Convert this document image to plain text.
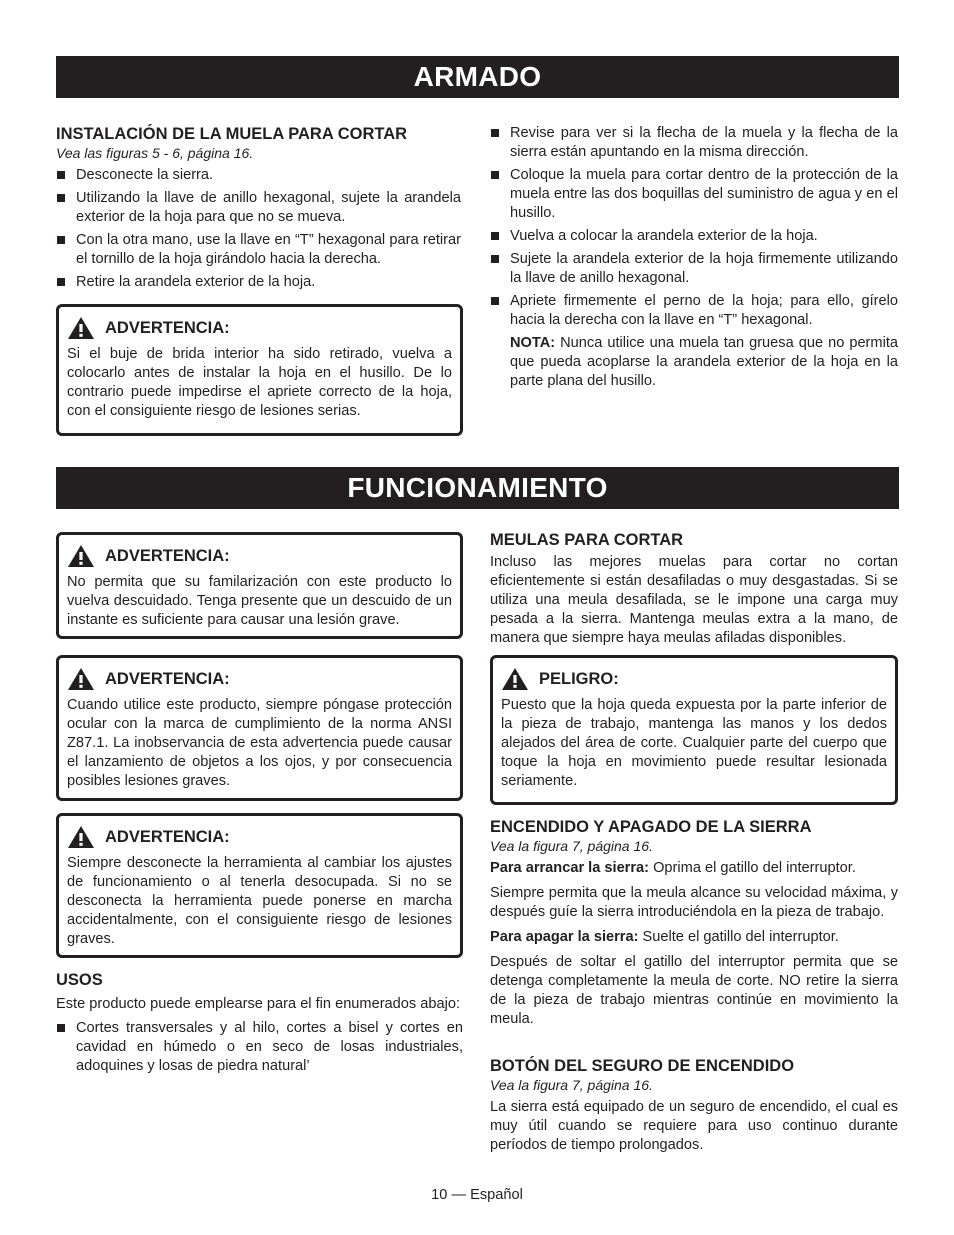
ARMADO
INSTALACIÓN DE LA MUELA PARA CORTAR
Vea las figuras 5 - 6, página 16.
Desconecte la sierra.
Utilizando la llave de anillo hexagonal, sujete la arandela exterior de la hoja para que no se mueva.
Con la otra mano, use la llave en “T” hexagonal para retirar el tornillo de la hoja girándolo hacia la derecha.
Retire la arandela exterior de la hoja.
ADVERTENCIA:

Si el buje de brida interior ha sido retirado, vuelva a colocarlo antes de instalar la hoja en el husillo. De lo contrario puede impedirse el apriete correcto de la hoja, con el consiguiente riesgo de lesiones serias.

Revise para ver si la flecha de la muela y la flecha de la sierra están apuntando en la misma dirección.
Coloque la muela para cortar dentro de la protección de la muela entre las dos boquillas del suministro de agua y en el husillo.
Vuelva a colocar la arandela exterior de la hoja.
Sujete la arandela exterior de la hoja firmemente utilizando la llave de anillo hexagonal.
Apriete firmemente el perno de la hoja; para ello, gírelo hacia la derecha con la llave en “T” hexagonal.

NOTA: Nunca utilice una muela tan gruesa que no permita que pueda acoplarse la arandela exterior de la hoja en la parte plana del husillo.

FUNCIONAMIENTO
ADVERTENCIA:

No permita que su familarización con este producto lo vuelva descuidado. Tenga presente que un descuido de un instante es suficiente para causar una lesión grave.

ADVERTENCIA:

Cuando utilice este producto, siempre póngase protección ocular con la marca de cumplimiento de la norma ANSI Z87.1. La inobservancia de esta advertencia puede causar el lanzamiento de objetos a los ojos, y por consecuencia posibles lesiones graves.

ADVERTENCIA:

Siempre desconecte la herramienta al cambiar los ajustes de funcionamiento o al tenerla desocupada. Si no se desconecta la herramienta puede ponerse en marcha accidentalmente, con el consiguiente riesgo de lesiones graves.

USOS

Este producto puede emplearse para el fin enumerados abajo:

Cortes transversales y al hilo, cortes a bisel y cortes en cavidad en húmedo o en seco de losas industriales, adoquines y losas de piedra natural’
MEULAS PARA CORTAR

Incluso las mejores muelas para cortar no cortan eficientemente si están desafiladas o muy desgastadas. Si se utiliza una meula desafilada, se le impone una carga muy pesada a la sierra. Mantenga meulas extra a la mano, de manera que siempre haya meulas afiladas disponibles.

PELIGRO:

Puesto que la hoja queda expuesta por la parte inferior de la pieza de trabajo, mantenga las manos y los dedos alejados del área de corte. Cualquier parte del cuerpo que toque la hoja en movimiento puede resultar lesionada seriamente.

ENCENDIDO Y APAGADO DE LA SIERRA
Vea la figura 7, página 16.

Para arrancar la sierra: Oprima el gatillo del interruptor.

Siempre permita que la meula alcance su velocidad máxima, y después guíe la sierra introduciéndola en la pieza de trabajo.

Para apagar la sierra: Suelte el gatillo del interruptor.

Después de soltar el gatillo del interruptor permita que se detenga completamente la meula de corte. NO retire la sierra de la pieza de trabajo mientras continúe en movimiento la meula.

BOTÓN DEL SEGURO DE ENCENDIDO
Vea la figura 7, página 16.

La sierra está equipado de un seguro de encendido, el cual es muy útil cuando se requiere para uso continuo durante períodos de tiempo prolongados.

10 — Español
